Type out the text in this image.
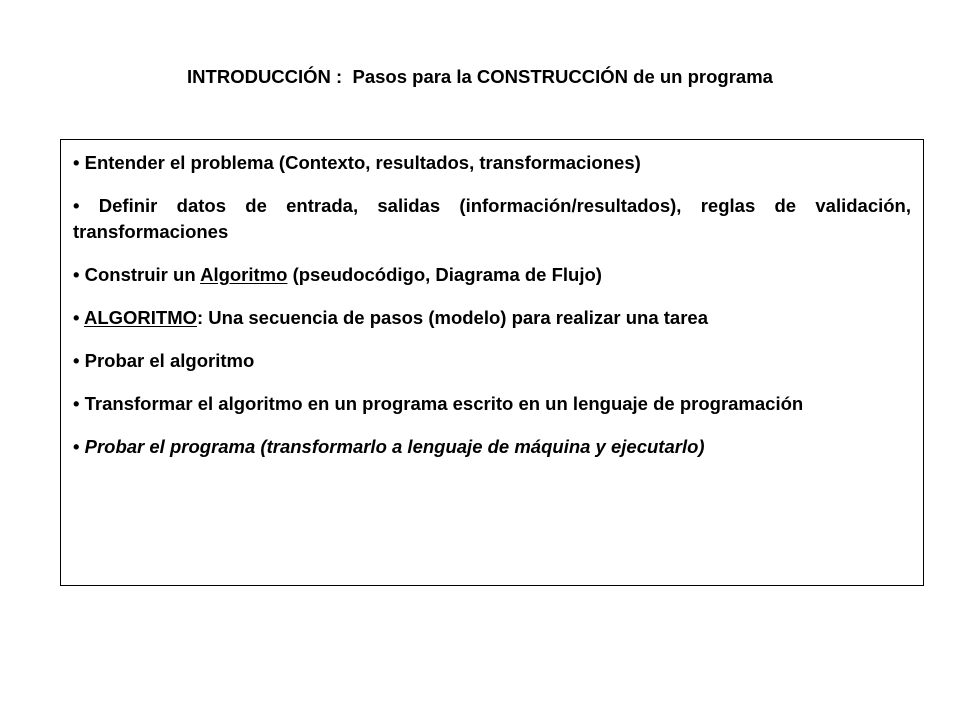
INTRODUCCIÓN :  Pasos para la CONSTRUCCIÓN de un programa

• Entender el problema (Contexto, resultados, transformaciones)

• Definir datos de entrada, salidas (información/resultados), reglas de validación, transformaciones

• Construir un Algoritmo (pseudocódigo, Diagrama de Flujo)

• ALGORITMO: Una secuencia de pasos (modelo) para realizar una tarea

• Probar el algoritmo

• Transformar el algoritmo en un programa escrito en un lenguaje de programación

• Probar el programa (transformarlo a lenguaje de máquina y ejecutarlo)
